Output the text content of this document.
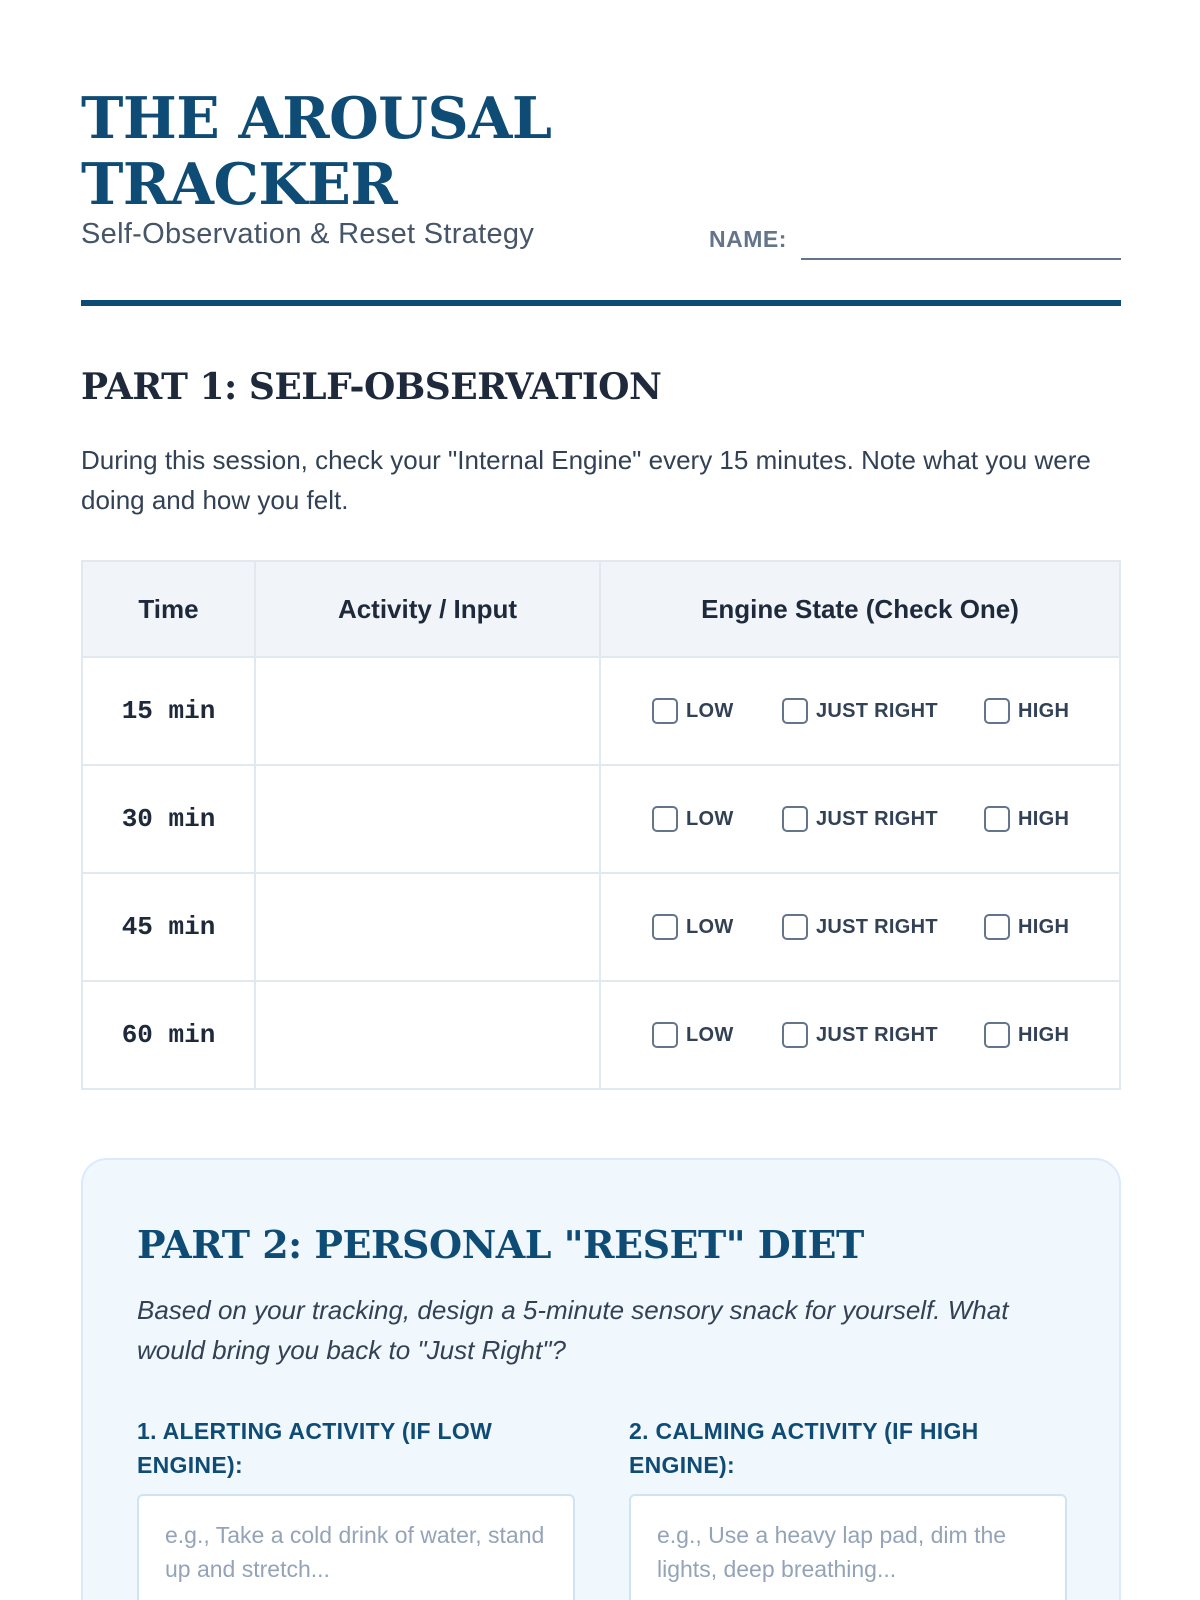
THE AROUSAL
TRACKER
Self-Observation & Reset Strategy	NAME:
PART 1: SELF-OBSERVATION

During this session, check your "Internal Engine" every 15 minutes. Note what you were doing and how you felt.

Time	Activity / Input	Engine State (Check One)
15 min		LOW JUST RIGHT HIGH

30 min		LOW JUST RIGHT HIGH

45 min		LOW JUST RIGHT HIGH

60 min		LOW JUST RIGHT HIGH
PART 2: PERSONAL "RESET" DIET

Based on your tracking, design a 5-minute sensory snack for yourself. What would bring you back to "Just Right"?

1. ALERTING ACTIVITY (IF LOW ENGINE):
e.g., Take a cold drink of water, stand up and stretch...
2. CALMING ACTIVITY (IF HIGH ENGINE):
e.g., Use a heavy lap pad, dim the lights, deep breathing...
